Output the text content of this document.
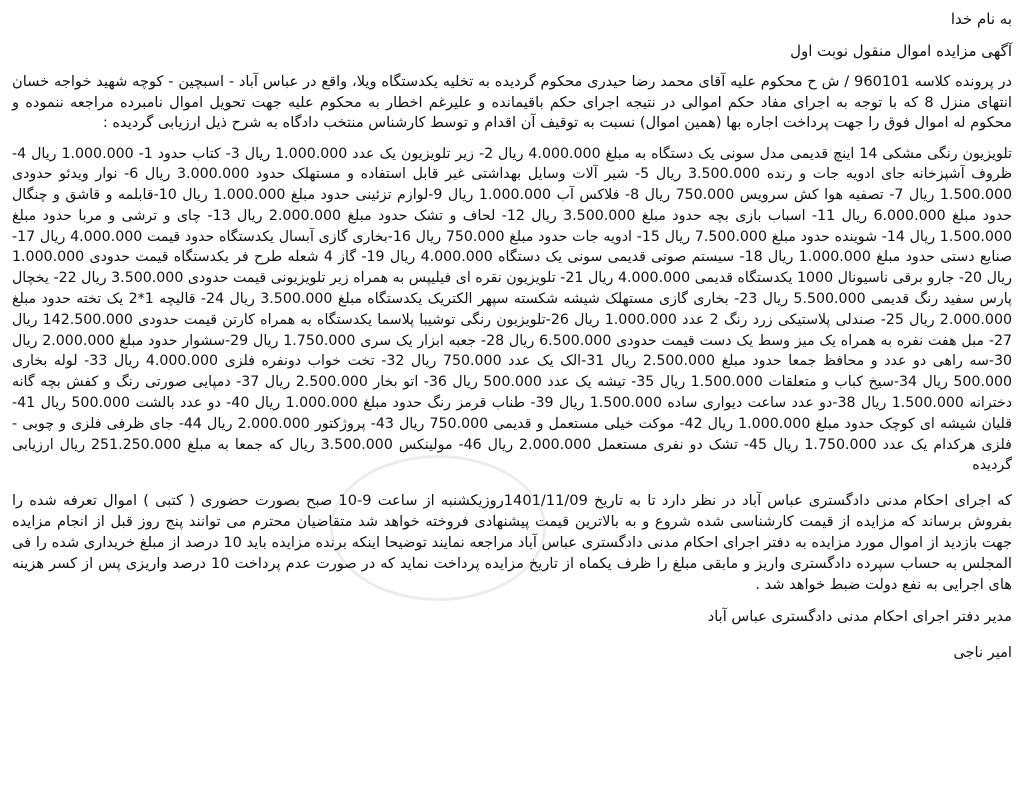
به نام خدا

آگهی مزایده اموال منقول نوبت اول

در پرونده کلاسه 960101 / ش ح محکوم علیه آقای محمد رضا حیدری محکوم گردیده به تخلیه یکدستگاه ویلا، واقع در عباس آباد - اسبچین - کوچه شهید خواجه خسان انتهای منزل 8 که با توجه به اجرای مفاد حکم اموالی در نتیجه اجرای حکم باقیمانده و علیرغم اخطار به محکوم علیه جهت تحویل اموال نامبرده مراجعه ننموده و محکوم له اموال فوق را جهت پرداخت اجاره بها (همین اموال) نسبت به توقیف آن اقدام و توسط کارشناس منتخب دادگاه به شرح ذیل ارزیابی گردیده :

تلویزیون رنگی مشکی 14 اینچ قدیمی مدل سونی یک دستگاه به مبلغ 4.000.000 ریال 2- زیر تلویزیون یک عدد 1.000.000 ریال 3- کتاب حدود 1- 1.000.000 ریال 4- ظروف آشپزخانه جای ادویه جات و رنده 3.500.000 ریال 5- شیر آلات وسایل بهداشتی غیر قابل استفاده و مستهلک حدود 3.000.000 ریال 6- نوار ویدئو حدودی 1.500.000 ریال 7- تصفیه هوا کش سرویس 750.000 ریال 8- فلاکس آب 1.000.000 ریال 9-لوازم تزئینی حدود مبلغ 1.000.000 ریال 10-قابلمه و قاشق و چنگال حدود مبلغ 6.000.000 ریال 11- اسباب بازی بچه حدود مبلغ 3.500.000 ریال 12- لحاف و تشک حدود مبلغ 2.000.000 ریال 13- چای و ترشی و مربا حدود مبلغ 1.500.000 ریال 14- شوینده حدود مبلغ 7.500.000 ریال 15- ادویه جات حدود مبلغ 750.000 ریال 16-بخاری گازی آبسال یکدستگاه حدود قیمت 4.000.000 ریال 17- صنایع دستی حدود مبلغ 1.000.000 ریال 18- سیستم صوتی قدیمی سونی یک دستگاه 4.000.000 ریال 19- گاز 4 شعله طرح فر یکدستگاه قیمت حدودی 1.000.000 ریال 20- جارو برقی ناسیونال 1000 یکدستگاه قدیمی 4.000.000 ریال 21- تلویزیون نقره ای فیلیپس به همراه زیر تلویزیونی قیمت حدودی 3.500.000 ریال 22- یخچال پارس سفید رنگ قدیمی 5.500.000 ریال 23- بخاری گازی مستهلک شیشه شکسته سپهر الکتریک یکدستگاه مبلغ 3.500.000 ریال 24- قالیچه 1*2 یک تخته حدود مبلغ 2.000.000 ریال 25- صندلی پلاستیکی زرد رنگ 2 عدد 1.000.000 ریال 26-تلویزیون رنگی توشیبا پلاسما یکدستگاه به همراه کارتن قیمت حدودی 142.500.000 ریال 27- مبل هفت نفره به همراه یک میز وسط یک دست قیمت حدودی 6.500.000 ریال 28- جعبه ابزار یک سری 1.750.000 ریال 29-سشوار حدود مبلغ 2.000.000 ریال 30-سه راهی دو عدد و محافظ جمعا حدود مبلغ 2.500.000 ریال 31-الک یک عدد 750.000 ریال 32- تخت خواب دونفره فلزی 4.000.000 ریال 33- لوله بخاری 500.000 ریال 34-سیخ کباب و متعلقات 1.500.000 ریال 35- تیشه یک عدد 500.000 ریال 36- اتو بخار 2.500.000 ریال 37- دمپایی صورتی رنگ و کفش بچه گانه دخترانه 1.500.000 ریال 38-دو عدد ساعت دیواری ساده 1.500.000 ریال 39- طناب قرمز رنگ حدود مبلغ 1.000.000 ریال 40- دو عدد بالشت 500.000 ریال 41- قلیان شیشه ای کوچک حدود مبلغ 1.000.000 ریال 42- موکت خیلی مستعمل و قدیمی 750.000 ریال 43- پروژکتور 2.000.000 ریال 44- جای ظرفی فلزی و چوبی - فلزی هرکدام یک عدد 1.750.000 ریال 45- تشک دو نفری مستعمل 2.000.000 ریال 46- مولینکس 3.500.000 ریال که جمعا به مبلغ 251.250.000 ریال ارزیابی گردیده

که اجرای احکام مدنی دادگستری عباس آباد در نظر دارد تا به تاریخ 1401/11/09روزیکشنبه از ساعت 9-10 صبح بصورت حضوری ( کتبی ) اموال تعرفه شده را بفروش برساند که مزایده از قیمت کارشناسی شده شروع و به بالاترین قیمت پیشنهادی فروخته خواهد شد متقاضیان محترم می توانند پنج روز قبل از انجام مزایده جهت بازدید از اموال مورد مزایده به دفتر اجرای احکام مدنی دادگستری عباس آباد مراجعه نمایند توضیحا اینکه برنده مزایده باید 10 درصد از مبلغ خریداری شده را فی المجلس به حساب سپرده دادگستری واریز و مابقی مبلغ را ظرف یکماه از تاریخ مزایده پرداخت نماید که در صورت عدم پرداخت 10 درصد واریزی پس از کسر هزینه های اجرایی به نفع دولت ضبط خواهد شد .

مدیر دفتر اجرای احکام مدنی دادگستری عباس آباد

امیر ناجی
